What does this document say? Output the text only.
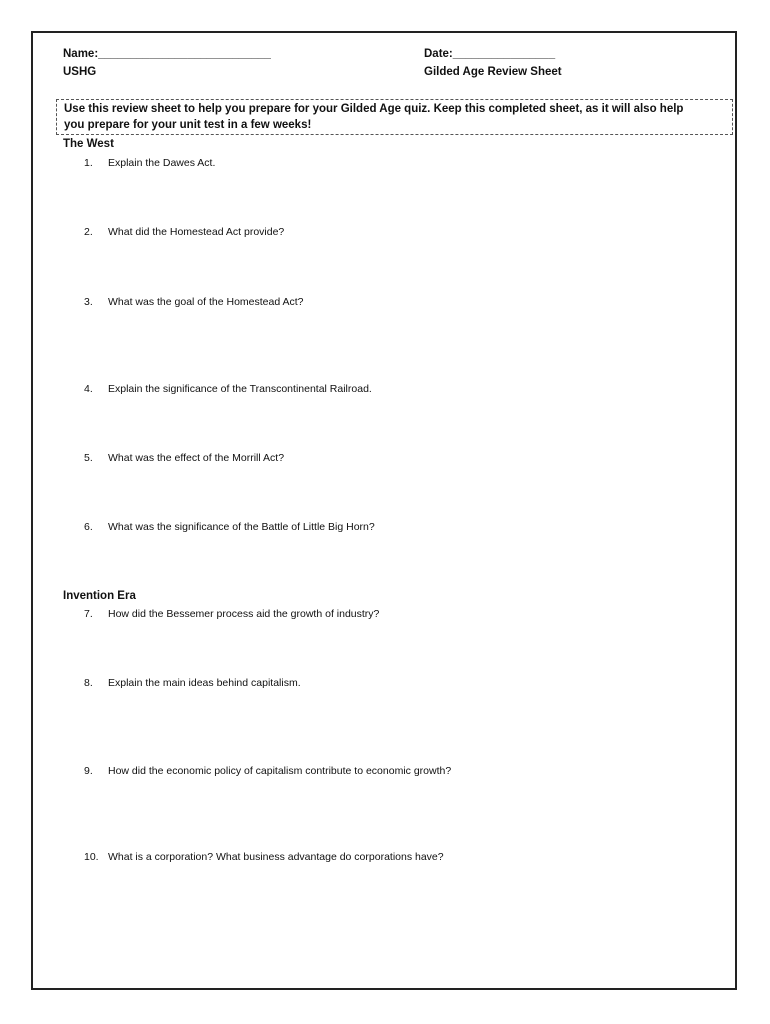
Name:___________________________	Date:________________
USHG	Gilded Age Review Sheet
Use this review sheet to help you prepare for your Gilded Age quiz. Keep this completed sheet, as it will also help
you prepare for your unit test in a few weeks!
The West
1. Explain the Dawes Act.
2. What did the Homestead Act provide?
3. What was the goal of the Homestead Act?
4. Explain the significance of the Transcontinental Railroad.
5. What was the effect of the Morrill Act?
6. What was the significance of the Battle of Little Big Horn?
Invention Era
7. How did the Bessemer process aid the growth of industry?
8. Explain the main ideas behind capitalism.
9. How did the economic policy of capitalism contribute to economic growth?
10. What is a corporation? What business advantage do corporations have?
